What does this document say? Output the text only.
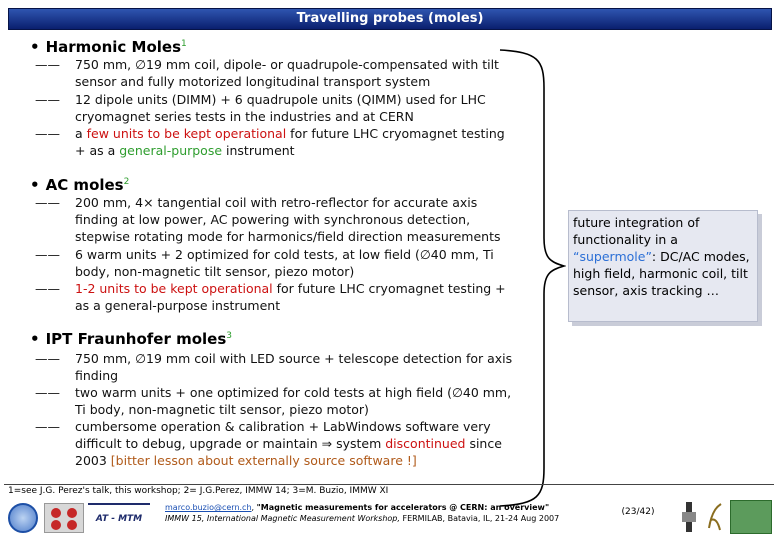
Travelling probes (moles)
• Harmonic Moles$^1$
——	750 mm, ∅19 mm coil, dipole- or quadrupole-compensated with tilt sensor and fully motorized longitudinal transport system
——	12 dipole units (DIMM) + 6 quadrupole units (QIMM) used for LHC cryomagnet series tests in the industries and at CERN
——	a few units to be kept operational for future LHC cryomagnet testing + as a general-purpose instrument
• AC moles$^2$
——	200 mm, 4× tangential coil with retro-reflector for accurate axis finding at low power, AC powering with synchronous detection, stepwise rotating mode for harmonics/field direction measurements
——	6 warm units + 2 optimized for cold tests, at low field (∅40 mm, Ti body, non-magnetic tilt sensor, piezo motor)
——	1-2 units to be kept operational for future LHC cryomagnet testing + as a general-purpose instrument
• IPT Fraunhofer moles$^3$
——	750 mm, ∅19 mm coil with LED source + telescope detection for axis finding
——	two warm units + one optimized for cold tests at high field (∅40 mm, Ti body, non-magnetic tilt sensor, piezo motor)
——	cumbersome operation & calibration + LabWindows software very difficult to debug, upgrade or maintain ⇒ system discontinued since 2003 [bitter lesson about externally source software !]
future integration of functionality in a “supermole”: DC/AC modes, high field, harmonic coil, tilt sensor, axis tracking …
1=see J.G. Perez's talk, this workshop; 2= J.G.Perez, IMMW 14; 3=M. Buzio, IMMW XI
AT - MTM
marco.buzio@cern.ch, "Magnetic measurements for accelerators @ CERN: an overview"
IMMW 15, International Magnetic Measurement Workshop, FERMILAB, Batavia, IL, 21-24 Aug 2007
(23/42)
